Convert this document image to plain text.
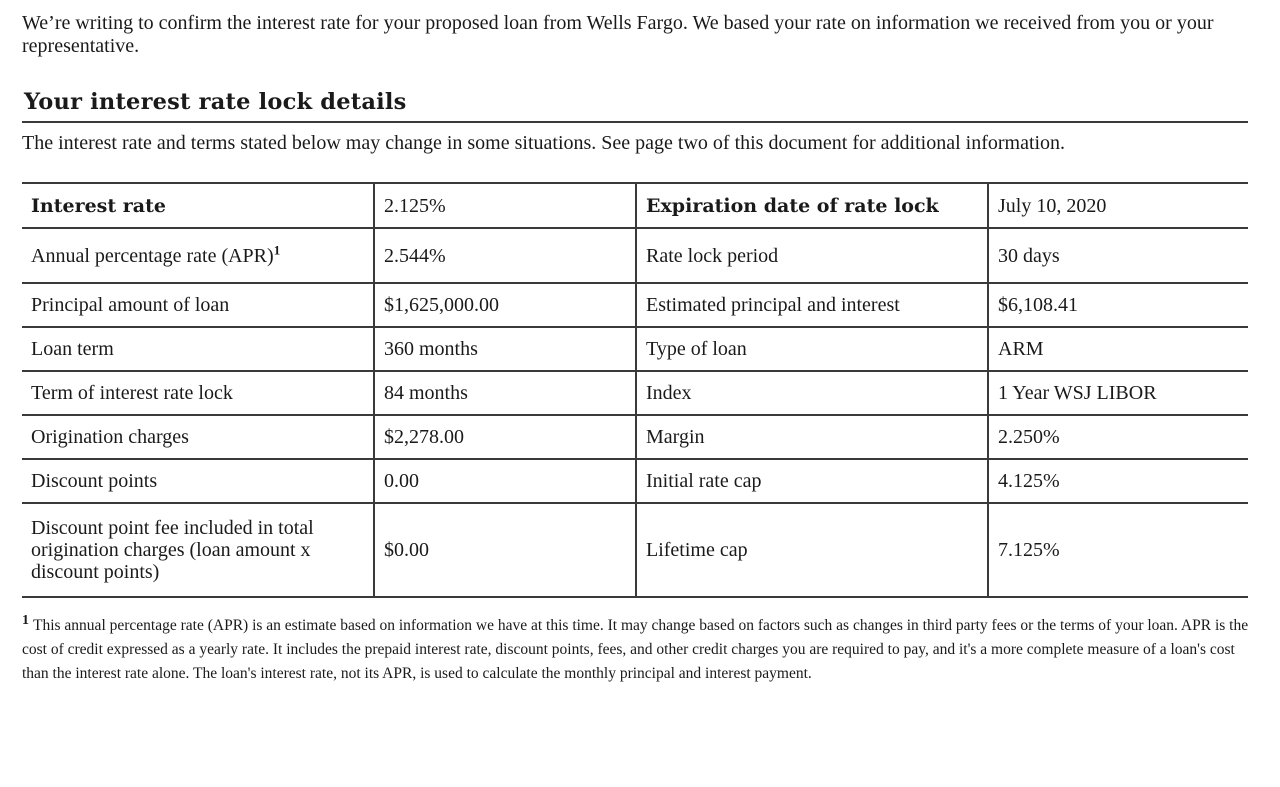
We’re writing to confirm the interest rate for your proposed loan from Wells Fargo. We based your rate on information we received from you or your representative.

Your interest rate lock details

The interest rate and terms stated below may change in some situations. See page two of this document for additional information.

Interest rate	2.125%	Expiration date of rate lock	July 10, 2020
Annual percentage rate (APR)$^1$	2.544%	Rate lock period	30 days
Principal amount of loan	$1,625,000.00	Estimated principal and interest	$6,108.41
Loan term	360 months	Type of loan	ARM
Term of interest rate lock	84 months	Index	1 Year WSJ LIBOR
Origination charges	$2,278.00	Margin	2.250%
Discount points	0.00	Initial rate cap	4.125%
Discount point fee included in total origination charges (loan amount x discount points)	$0.00	Lifetime cap	7.125%
1 This annual percentage rate (APR) is an estimate based on information we have at this time. It may change based on factors such as changes in third party fees or the terms of your loan. APR is the cost of credit expressed as a yearly rate. It includes the prepaid interest rate, discount points, fees, and other credit charges you are required to pay, and it's a more complete measure of a loan's cost than the interest rate alone. The loan's interest rate, not its APR, is used to calculate the monthly principal and interest payment.
